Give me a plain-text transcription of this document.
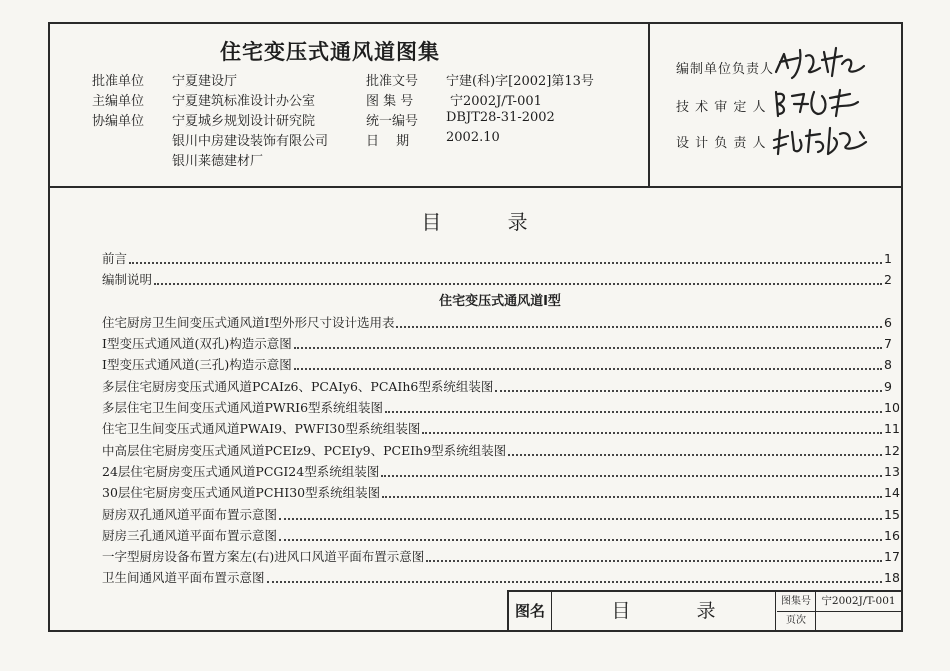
住宅变压式通风道图集
批准单位 宁夏建设厅
主编单位 宁夏建筑标准设计办公室
协编单位 宁夏城乡规划设计研究院
银川中房建设装饰有限公司
银川莱德建材厂
批准文号 宁建(科)字[2002]第13号
图 集 号	宁2002J/T-001
统一编号 DBJT28-31-2002
日　 期	2002.10
编制单位负责人
技 术 审 定 人
设 计 负 责 人
目 录
前言	1
编制说明	2
住宅变压式通风道I型
住宅厨房卫生间变压式通风道I型外形尺寸设计选用表	6
I型变压式通风道(双孔)构造示意图	7
I型变压式通风道(三孔)构造示意图	8
多层住宅厨房变压式通风道PCAIz6、PCAIy6、PCAIh6型系统组装图	9
多层住宅卫生间变压式通风道PWRI6型系统组装图	10
住宅卫生间变压式通风道PWAI9、PWFI30型系统组装图	11
中高层住宅厨房变压式通风道PCEIz9、PCEIy9、PCEIh9型系统组装图	12
24层住宅厨房变压式通风道PCGI24型系统组装图	13
30层住宅厨房变压式通风道PCHI30型系统组装图	14
厨房双孔通风道平面布置示意图	15
厨房三孔通风道平面布置示意图	16
一字型厨房设备布置方案左(右)进风口风道平面布置示意图	17
卫生间通风道平面布置示意图	18
图名	目 录	图集号 宁2002J/T-001
页次
